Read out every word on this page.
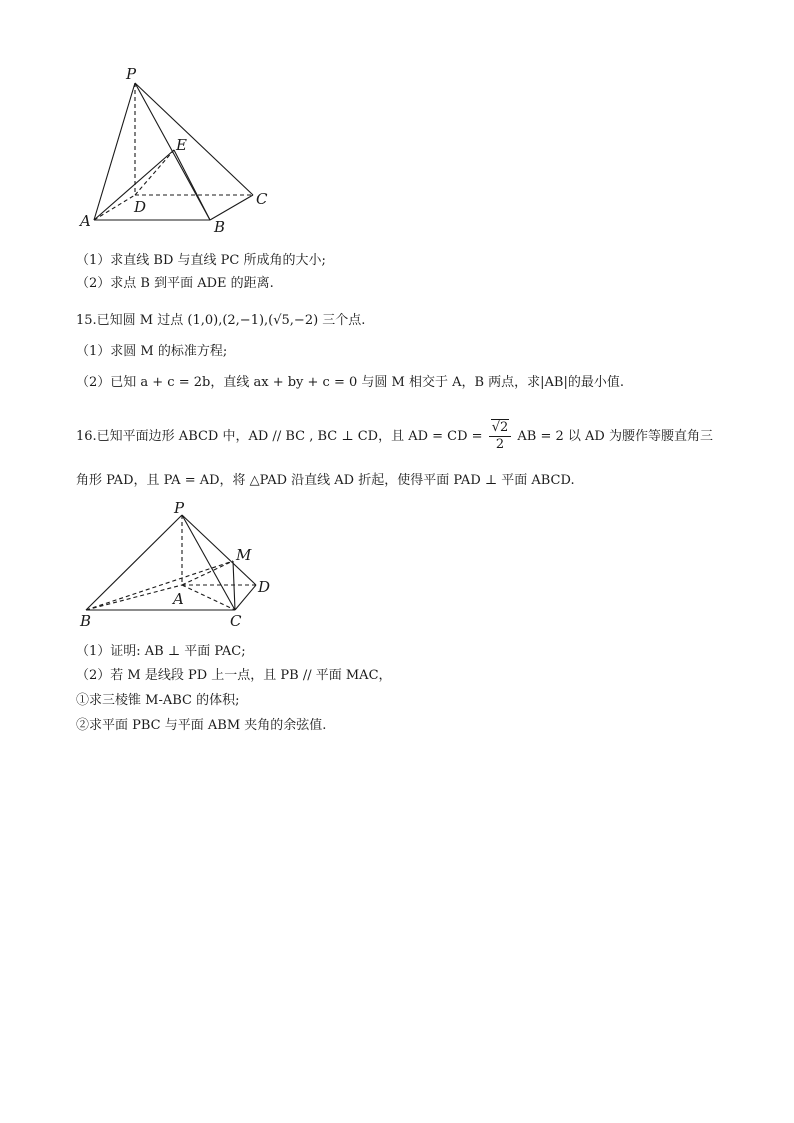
P
E
D	C
A	B
（1）求直线 BD 与直线 PC 所成角的大小;
（2）求点 B 到平面 ADE 的距离.
15.已知圆 M 过点 (1,0),(2,−1),(√5,−2) 三个点.
（1）求圆 M 的标准方程;
（2）已知 a + c = 2b，直线 ax + by + c = 0 与圆 M 相交于 A，B 两点，求|AB|的最小值.
16.已知平面边形 ABCD 中，AD // BC , BC ⊥ CD，且 AD = CD = $\frac{√2}{2}$ AB = 2 以 AD 为腰作等腰直角三
角形 PAD，且 PA = AD，将 △PAD 沿直线 AD 折起，使得平面 PAD ⊥ 平面 ABCD.
P
M
D
A
B	C
（1）证明: AB ⊥ 平面 PAC;
（2）若 M 是线段 PD 上一点，且 PB // 平面 MAC，
①求三棱锥 M-ABC 的体积;
②求平面 PBC 与平面 ABM 夹角的余弦值.
